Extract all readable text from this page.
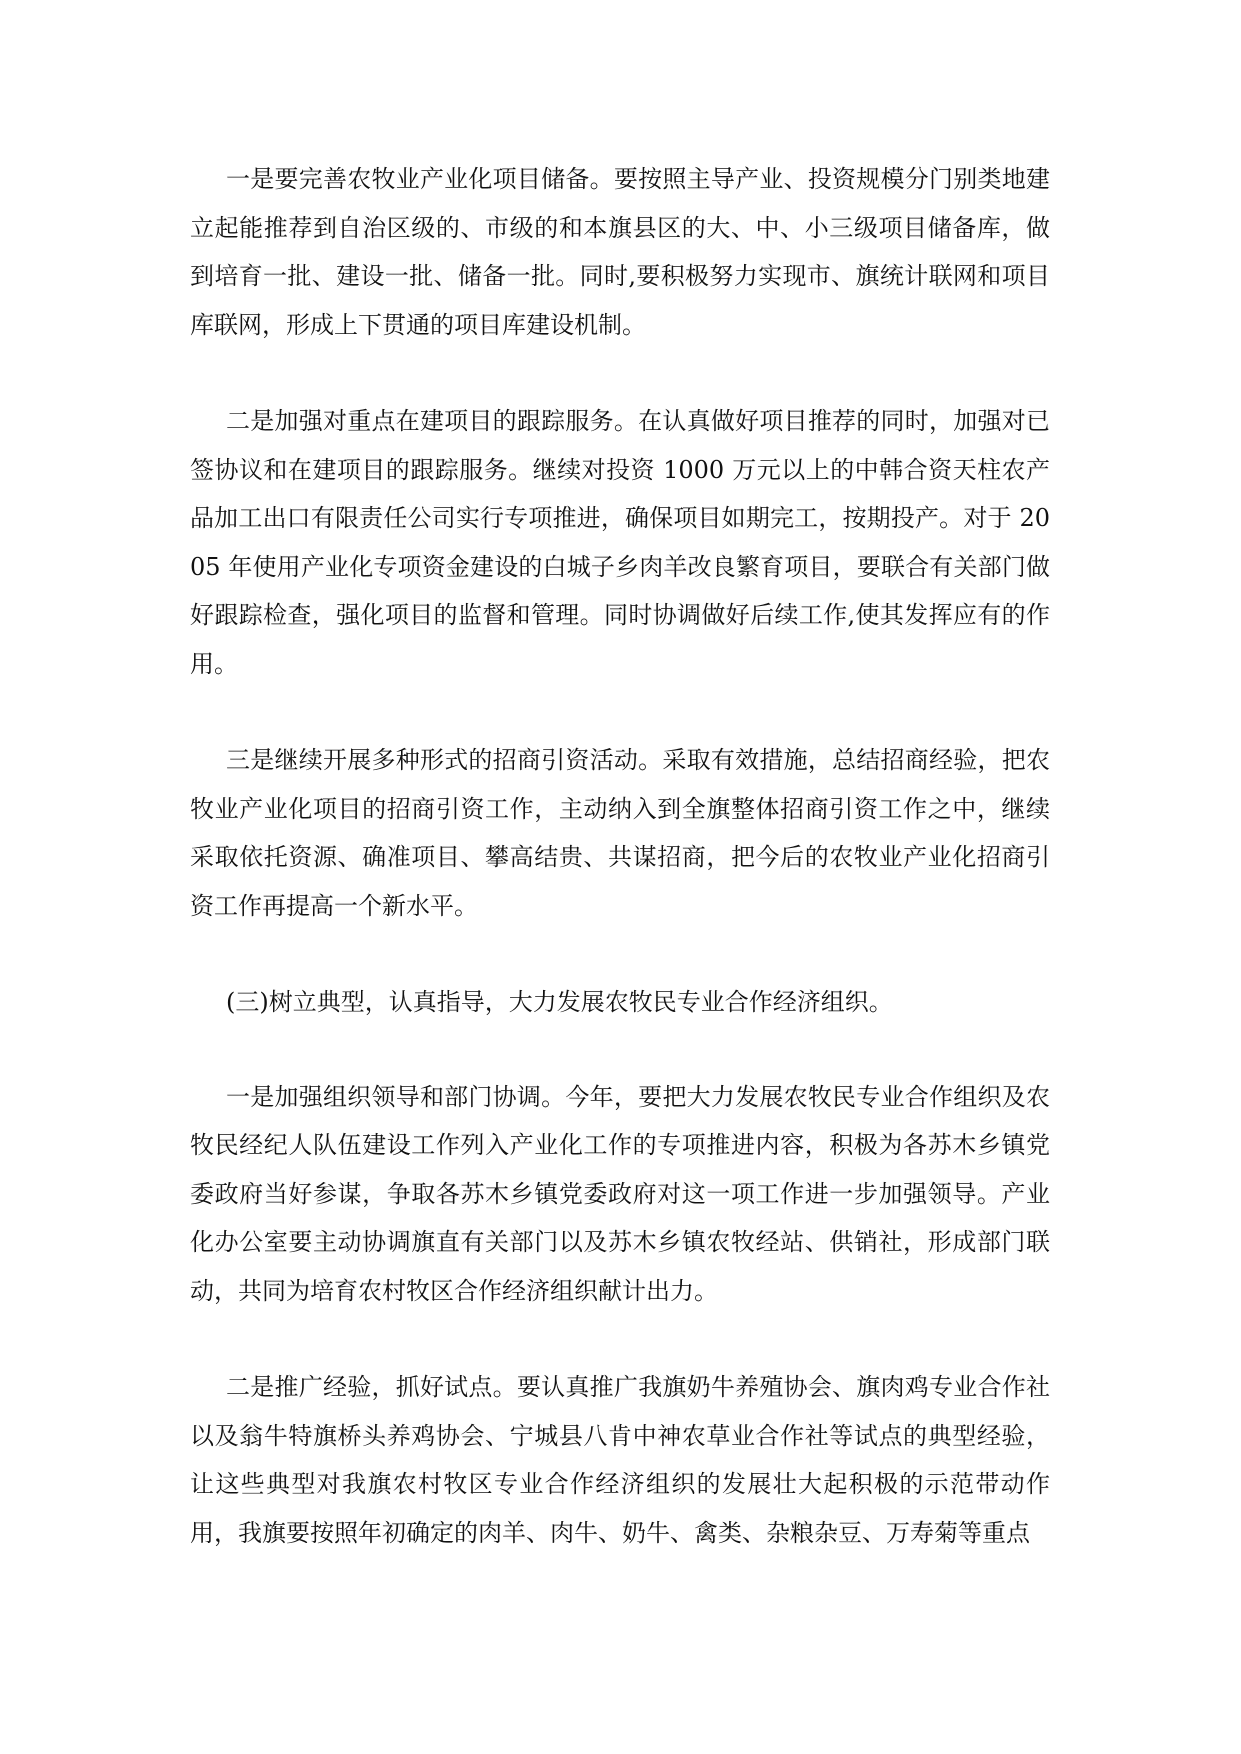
一是要完善农牧业产业化项目储备。要按照主导产业、投资规模分门别类地建立起能推荐到自治区级的、市级的和本旗县区的大、中、小三级项目储备库，做到培育一批、建设一批、储备一批。同时,要积极努力实现市、旗统计联网和项目库联网，形成上下贯通的项目库建设机制。

二是加强对重点在建项目的跟踪服务。在认真做好项目推荐的同时，加强对已签协议和在建项目的跟踪服务。继续对投资 1000 万元以上的中韩合资天柱农产品加工出口有限责任公司实行专项推进，确保项目如期完工，按期投产。对于 2005 年使用产业化专项资金建设的白城子乡肉羊改良繁育项目，要联合有关部门做好跟踪检查，强化项目的监督和管理。同时协调做好后续工作,使其发挥应有的作用。

三是继续开展多种形式的招商引资活动。采取有效措施，总结招商经验，把农牧业产业化项目的招商引资工作，主动纳入到全旗整体招商引资工作之中，继续采取依托资源、确准项目、攀高结贵、共谋招商，把今后的农牧业产业化招商引资工作再提高一个新水平。

(三)树立典型，认真指导，大力发展农牧民专业合作经济组织。

一是加强组织领导和部门协调。今年，要把大力发展农牧民专业合作组织及农牧民经纪人队伍建设工作列入产业化工作的专项推进内容，积极为各苏木乡镇党委政府当好参谋，争取各苏木乡镇党委政府对这一项工作进一步加强领导。产业化办公室要主动协调旗直有关部门以及苏木乡镇农牧经站、供销社，形成部门联动，共同为培育农村牧区合作经济组织献计出力。

二是推广经验，抓好试点。要认真推广我旗奶牛养殖协会、旗肉鸡专业合作社以及翁牛特旗桥头养鸡协会、宁城县八肯中神农草业合作社等试点的典型经验，让这些典型对我旗农村牧区专业合作经济组织的发展壮大起积极的示范带动作用，我旗要按照年初确定的肉羊、肉牛、奶牛、禽类、杂粮杂豆、万寿菊等重点
